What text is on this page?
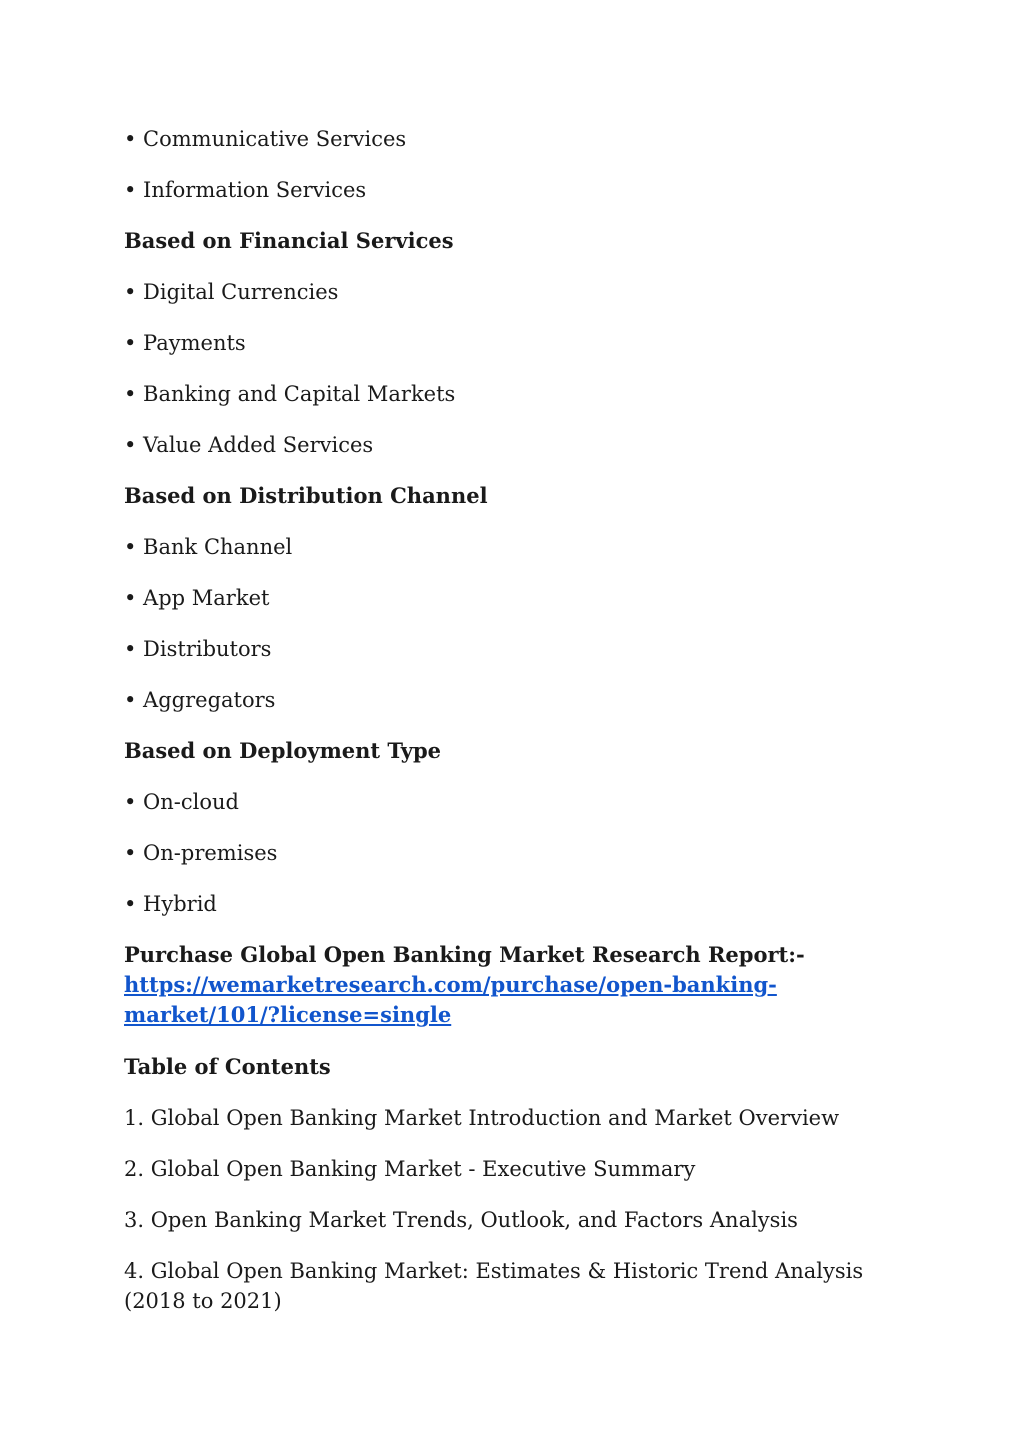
• Communicative Services
• Information Services
Based on Financial Services
• Digital Currencies
• Payments
• Banking and Capital Markets
• Value Added Services
Based on Distribution Channel
• Bank Channel
• App Market
• Distributors
• Aggregators
Based on Deployment Type
• On-cloud
• On-premises
• Hybrid
Purchase Global Open Banking Market Research Report:-
https://wemarketresearch.com/purchase/open-banking-
market/101/?license=single
Table of Contents
1. Global Open Banking Market Introduction and Market Overview
2. Global Open Banking Market - Executive Summary
3. Open Banking Market Trends, Outlook, and Factors Analysis
4. Global Open Banking Market: Estimates & Historic Trend Analysis (2018 to 2021)
